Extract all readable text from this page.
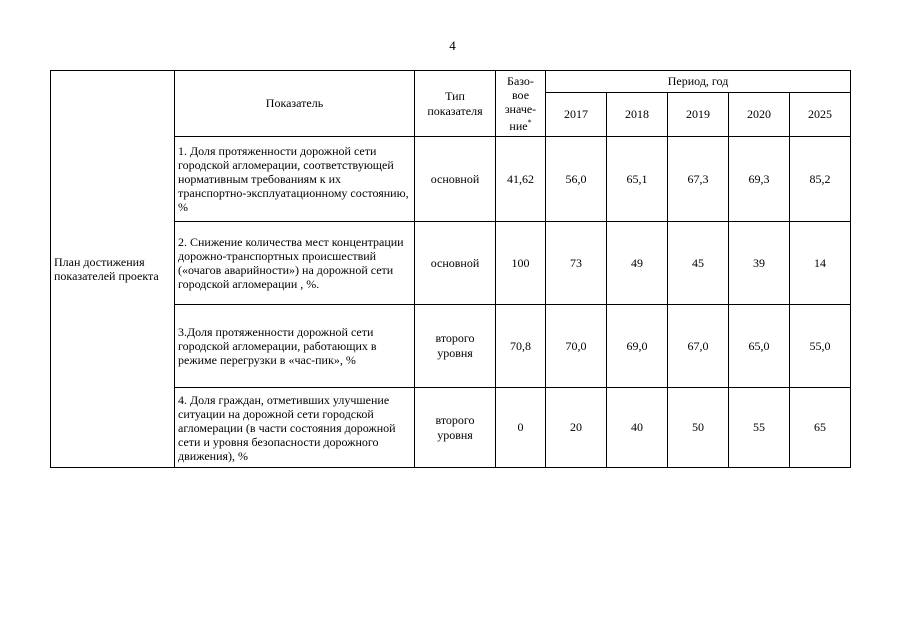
4
План достижения показателей проекта	Показатель	Тип показателя	Базо-
вое
значе-
ние*	Период, год				
				2017	2018	2019	2020	2025
	1. Доля протяженности дорожной сети городской агломерации, соответствующей нормативным требованиям к их транспортно-эксплуатационному состоянию, %	основной	41,62	56,0	65,1	67,3	69,3	85,2
	2. Снижение количества мест концентрации дорожно-транспортных происшествий («очагов аварийности») на дорожной сети городской агломерации , %.	основной	100	73	49	45	39	14
	3.Доля протяженности дорожной сети городской агломерации, работающих в режиме перегрузки в «час-пик», %	второго уровня	70,8	70,0	69,0	67,0	65,0	55,0
	4. Доля граждан, отметивших улучшение ситуации на дорожной сети городской агломерации (в части состояния дорожной сети и уровня безопасности дорожного движения), %	второго уровня	0	20	40	50	55	65
